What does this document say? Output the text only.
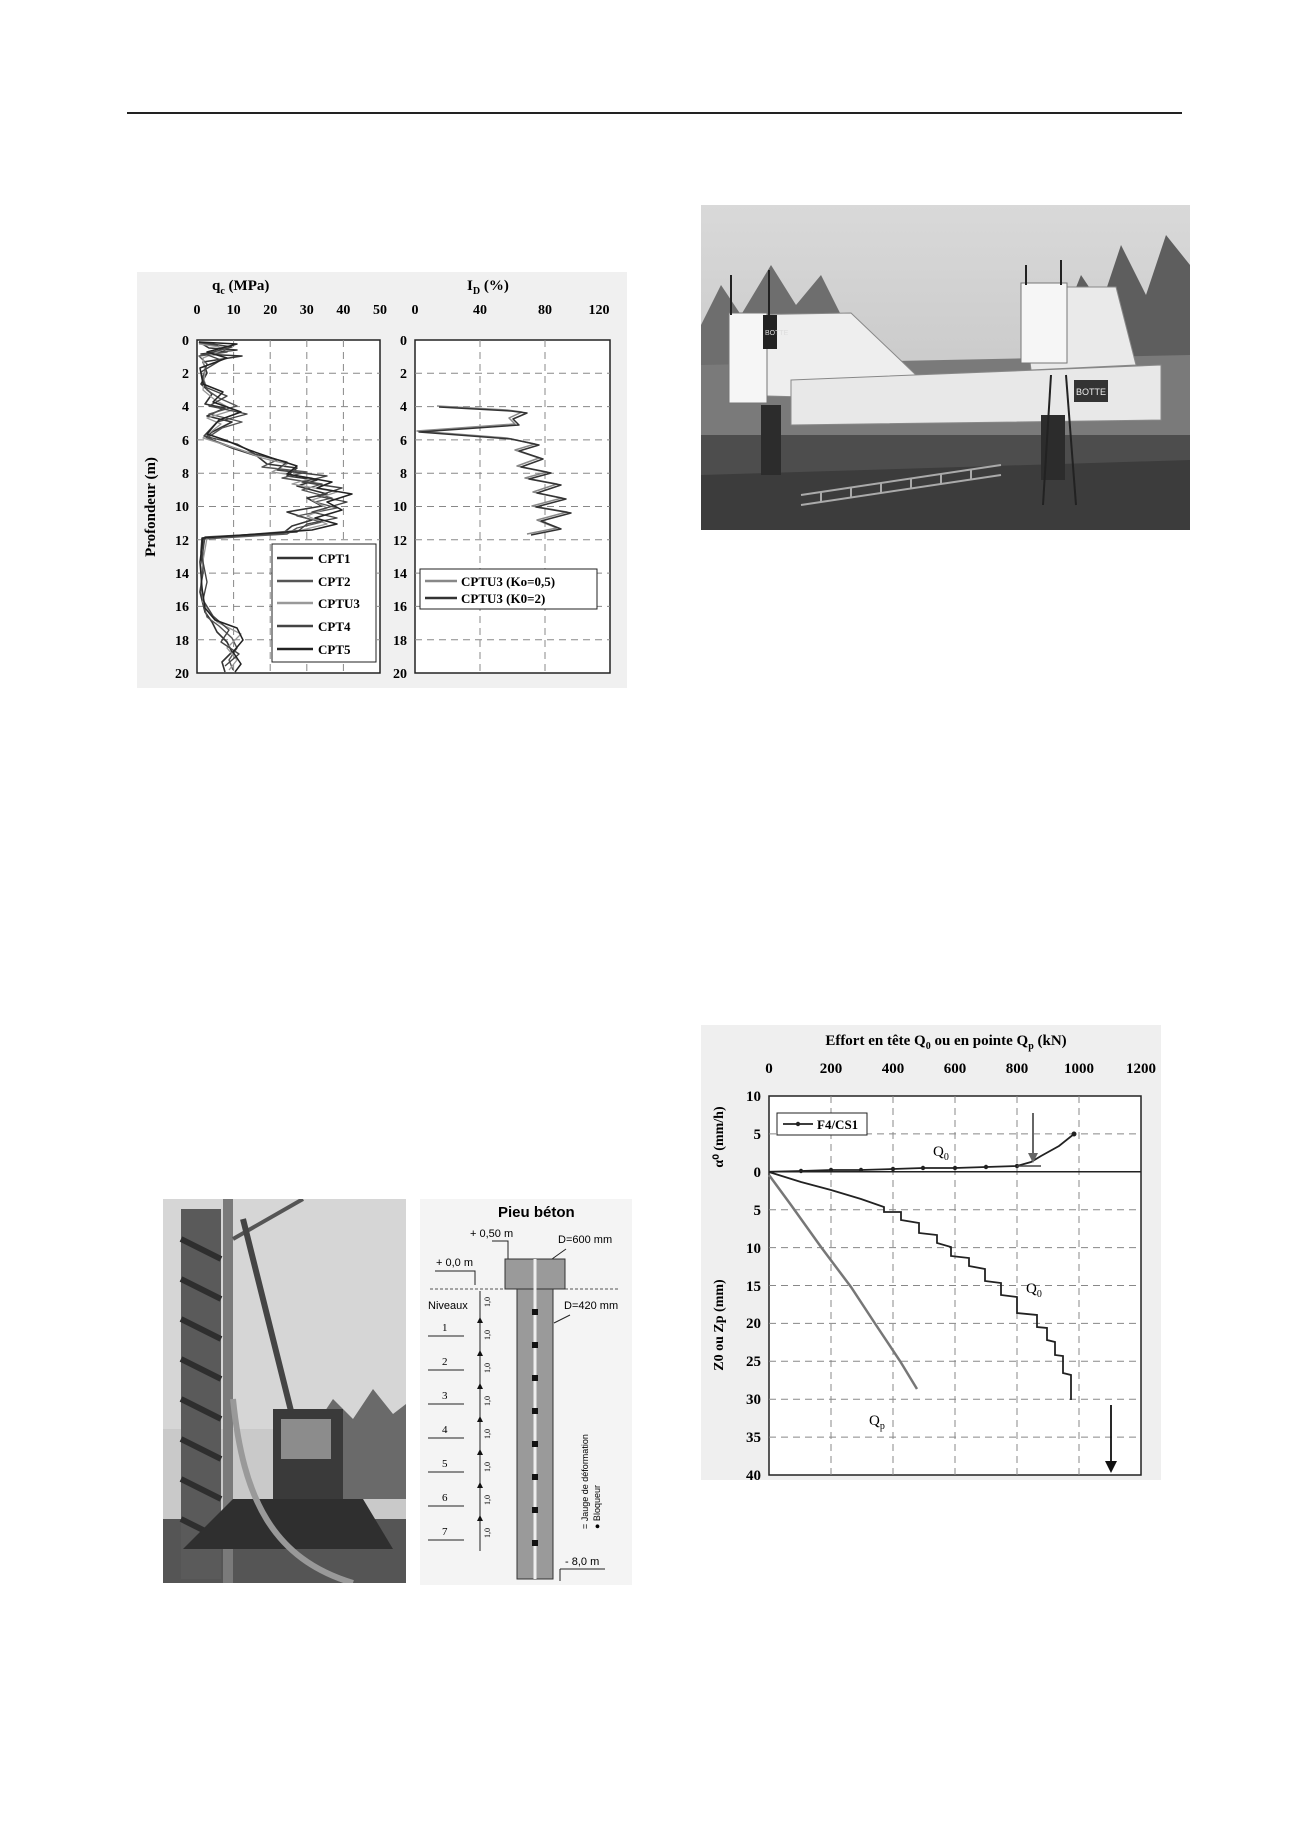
$q_c$ (MPa)	$I_D$ (%)
0 10 20 30 40 50
0
2
4
6
8
10
12
14
16
18
20
Profondeur (m)
CPT1
CPT2
CPTU3
CPT4
CPT5
0	40	80	120
0
2
4
6
8
10
12
14
16
18
20
CPTU3 (Ko=0,5)
CPTU3 (K0=2)
BOTTE
BOTTE
Pieu béton
+ 0,50 m
+ 0,0 m
D=600 mm
D=420 mm
Niveaux
1
2
3
4
5
6
7
1,0
1,0
1,0
1,0
1,0
1,0
1,0
1,0
= Jauge de déformation
● Bloqueur
- 8,0 m
Effort en tête $Q_0$ ou en pointe $Q_p$ (kN)
0	200	400	600	800 1000 1200
10
5
0
5
10
15
20
25
30
35
40
α⁰ (mm/h)
Z0 ou Zp (mm)
F4/CS1
$Q_0$
$Q_0$
$Q_p$
